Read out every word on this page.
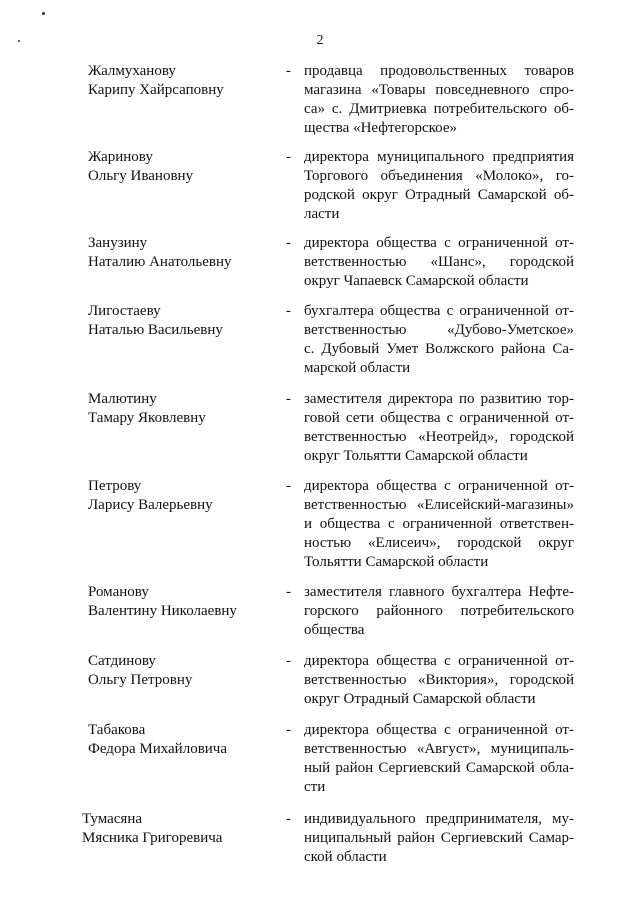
2
Жалмуханову
Карипу Хайрсаповну
- продавца продовольственных товаров
магазина «Товары повседневного спро-
са» с. Дмитриевка потребительского об-
щества «Нефтегорское»
Жаринову
Ольгу Ивановну
- директора муниципального предприятия
Торгового объединения «Молоко», го-
родской округ Отрадный Самарской об-
ласти
Занузину
Наталию Анатольевну
- директора общества с ограниченной от-
ветственностью «Шанс», городской
округ Чапаевск Самарской области
Лигостаеву
Наталью Васильевну
- бухгалтера общества с ограниченной от-
ветственностью «Дубово-Уметское»
с. Дубовый Умет Волжского района Са-
марской области
Малютину
Тамару Яковлевну
- заместителя директора по развитию тор-
говой сети общества с ограниченной от-
ветственностью «Неотрейд», городской
округ Тольятти Самарской области
Петрову
Ларису Валерьевну
- директора общества с ограниченной от-
ветственностью «Елисейский-магазины»
и общества с ограниченной ответствен-
ностью «Елисеич», городской округ
Тольятти Самарской области
Романову
Валентину Николаевну
- заместителя главного бухгалтера Нефте-
горского районного потребительского
общества
Сатдинову
Ольгу Петровну
- директора общества с ограниченной от-
ветственностью «Виктория», городской
округ Отрадный Самарской области
Табакова
Федора Михайловича
- директора общества с ограниченной от-
ветственностью «Август», муниципаль-
ный район Сергиевский Самарской обла-
сти
Тумасяна
Мясника Григоревича
- индивидуального предпринимателя, му-
ниципальный район Сергиевский Самар-
ской области
